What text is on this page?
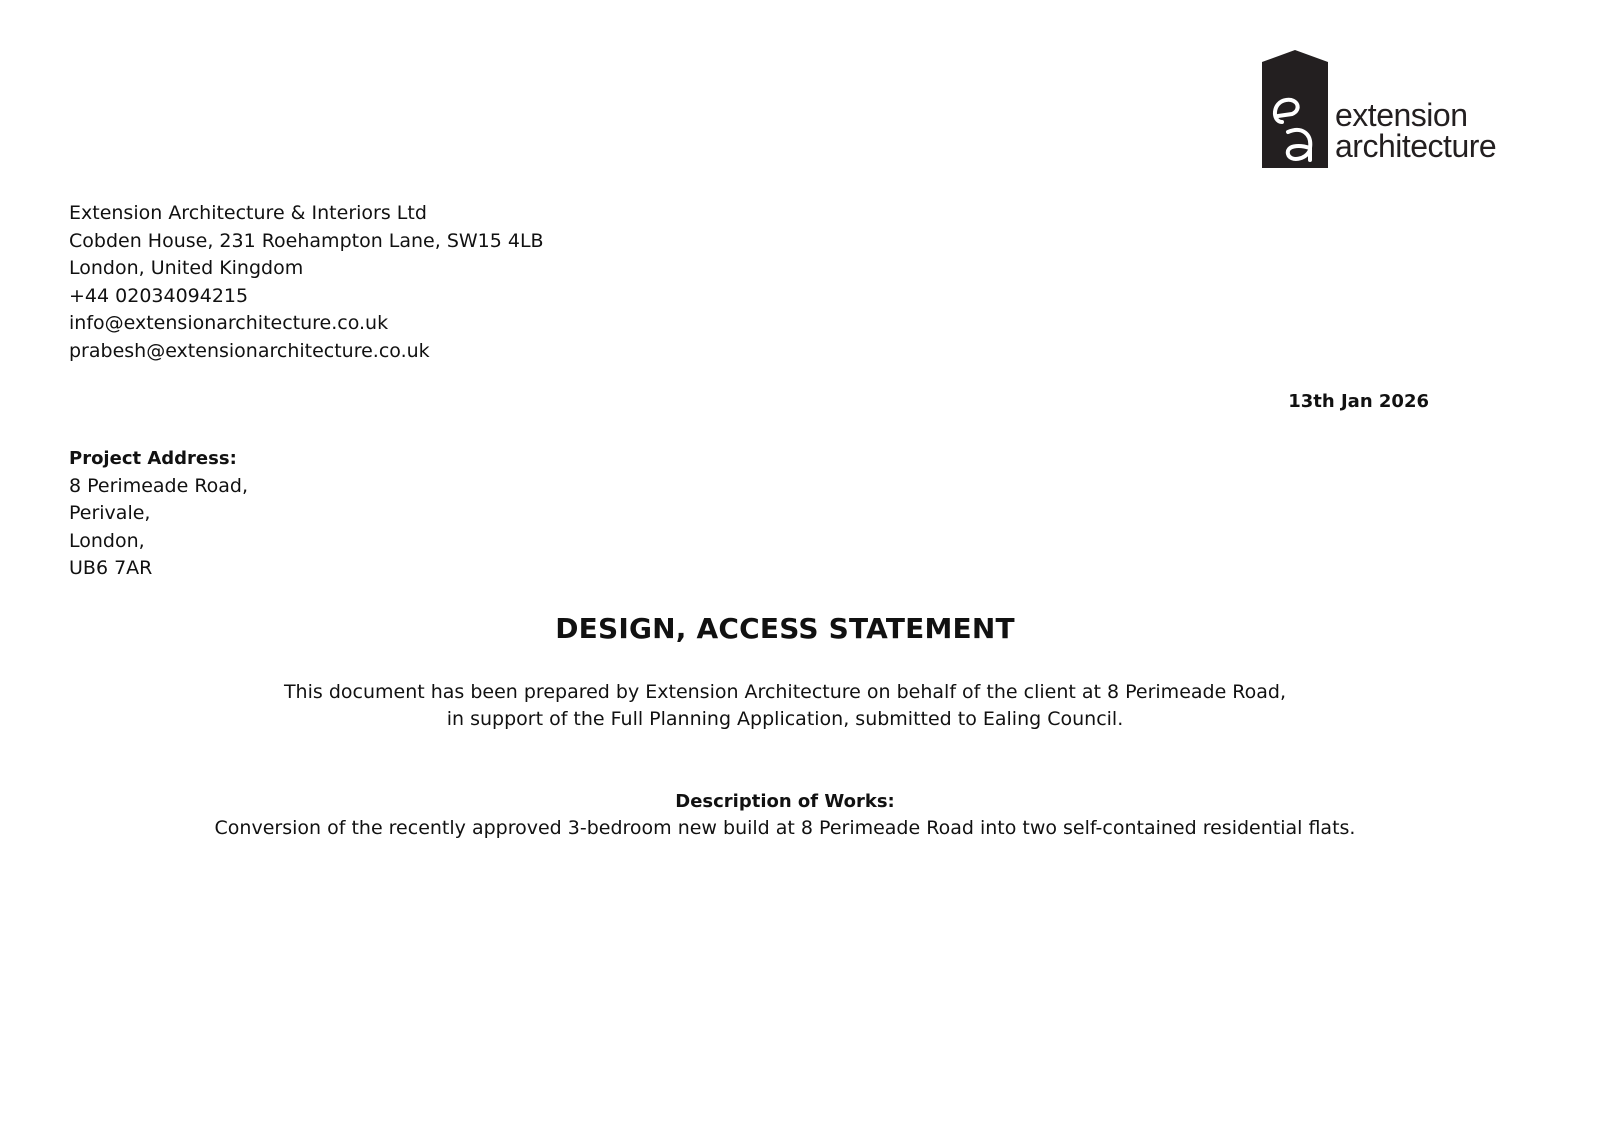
extension
architecture
Extension Architecture & Interiors Ltd
Cobden House, 231 Roehampton Lane, SW15 4LB
London, United Kingdom
+44 02034094215
info@extensionarchitecture.co.uk
prabesh@extensionarchitecture.co.uk
13th Jan 2026
Project Address:
8 Perimeade Road,
Perivale,
London,
UB6 7AR
DESIGN, ACCESS STATEMENT
This document has been prepared by Extension Architecture on behalf of the client at 8 Perimeade Road,
in support of the Full Planning Application, submitted to Ealing Council.
Description of Works:
Conversion of the recently approved 3-bedroom new build at 8 Perimeade Road into two self-contained residential flats.
